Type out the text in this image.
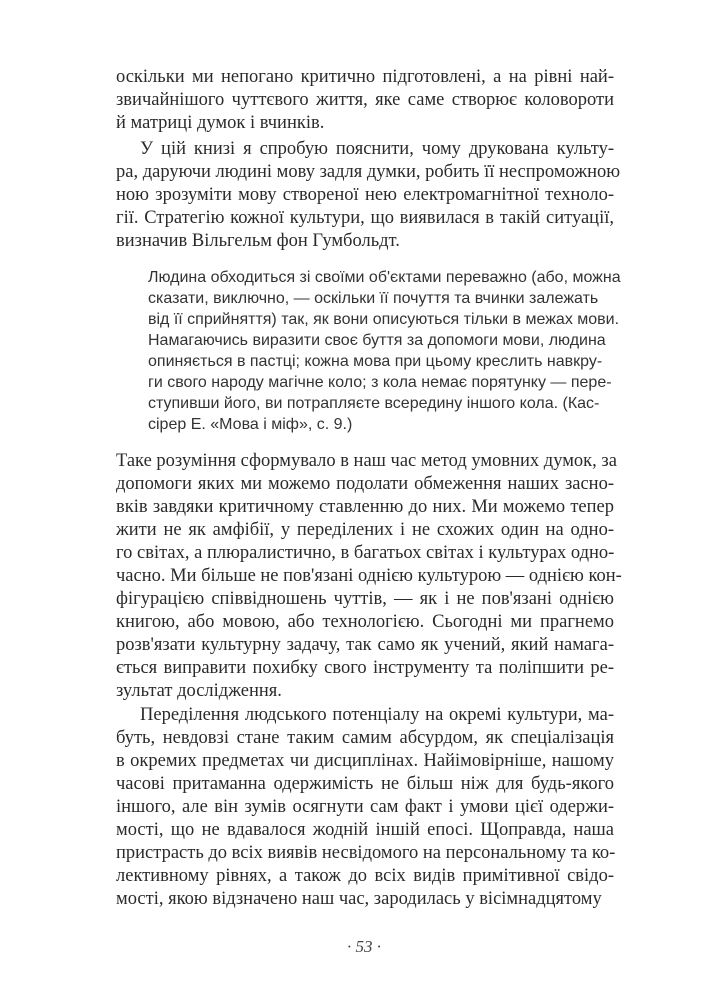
оскільки ми непогано критично підготовлені, а на рівні най-
звичайнішого чуттєвого життя, яке саме створює коловороти
й матриці думок і вчинків.
У цій книзі я спробую пояснити, чому друкована культу-
ра, даруючи людині мову задля думки, робить її неспроможною
ною зрозуміти мову створеної нею електромагнітної техноло-
гії. Стратегію кожної культури, що виявилася в такій ситуації,
визначив Вільгельм фон Гумбольдт.
Людина обходиться зі своїми об'єктами переважно (або, можна
сказати, виключно, — оскільки її почуття та вчинки залежать
від її сприйняття) так, як вони описуються тільки в межах мови.
Намагаючись виразити своє буття за допомоги мови, людина
опиняється в пастці; кожна мова при цьому креслить навкру-
ги свого народу магічне коло; з кола немає порятунку — пере-
ступивши його, ви потрапляєте всередину іншого кола. (Кас-
сірер Е. «Мова і міф», с. 9.)
Таке розуміння сформувало в наш час метод умовних думок, за
допомоги яких ми можемо подолати обмеження наших засно-
вків завдяки критичному ставленню до них. Ми можемо тепер
жити не як амфібії, у переділених і не схожих один на одно-
го світах, а плюралистично, в багатьох світах і культурах одно-
часно. Ми більше не пов'язані однією культурою — однією кон-
фігурацією співвідношень чуттів, — як і не пов'язані однією
книгою, або мовою, або технологією. Сьогодні ми прагнемо
розв'язати культурну задачу, так само як учений, який намага-
ється виправити похибку свого інструменту та поліпшити ре-
зультат дослідження.
Переділення людського потенціалу на окремі культури, ма-
буть, невдовзі стане таким самим абсурдом, як спеціалізація
в окремих предметах чи дисциплінах. Найімовірніше, нашому
часові притаманна одержимість не більш ніж для будь-якого
іншого, але він зумів осягнути сам факт і умови цієї одержи-
мості, що не вдавалося жодній іншій епосі. Щоправда, наша
пристрасть до всіх виявів несвідомого на персональному та ко-
лективному рівнях, а також до всіх видів примітивної свідо-
мості, якою відзначено наш час, зародилась у вісімнадцятому
· 53 ·
